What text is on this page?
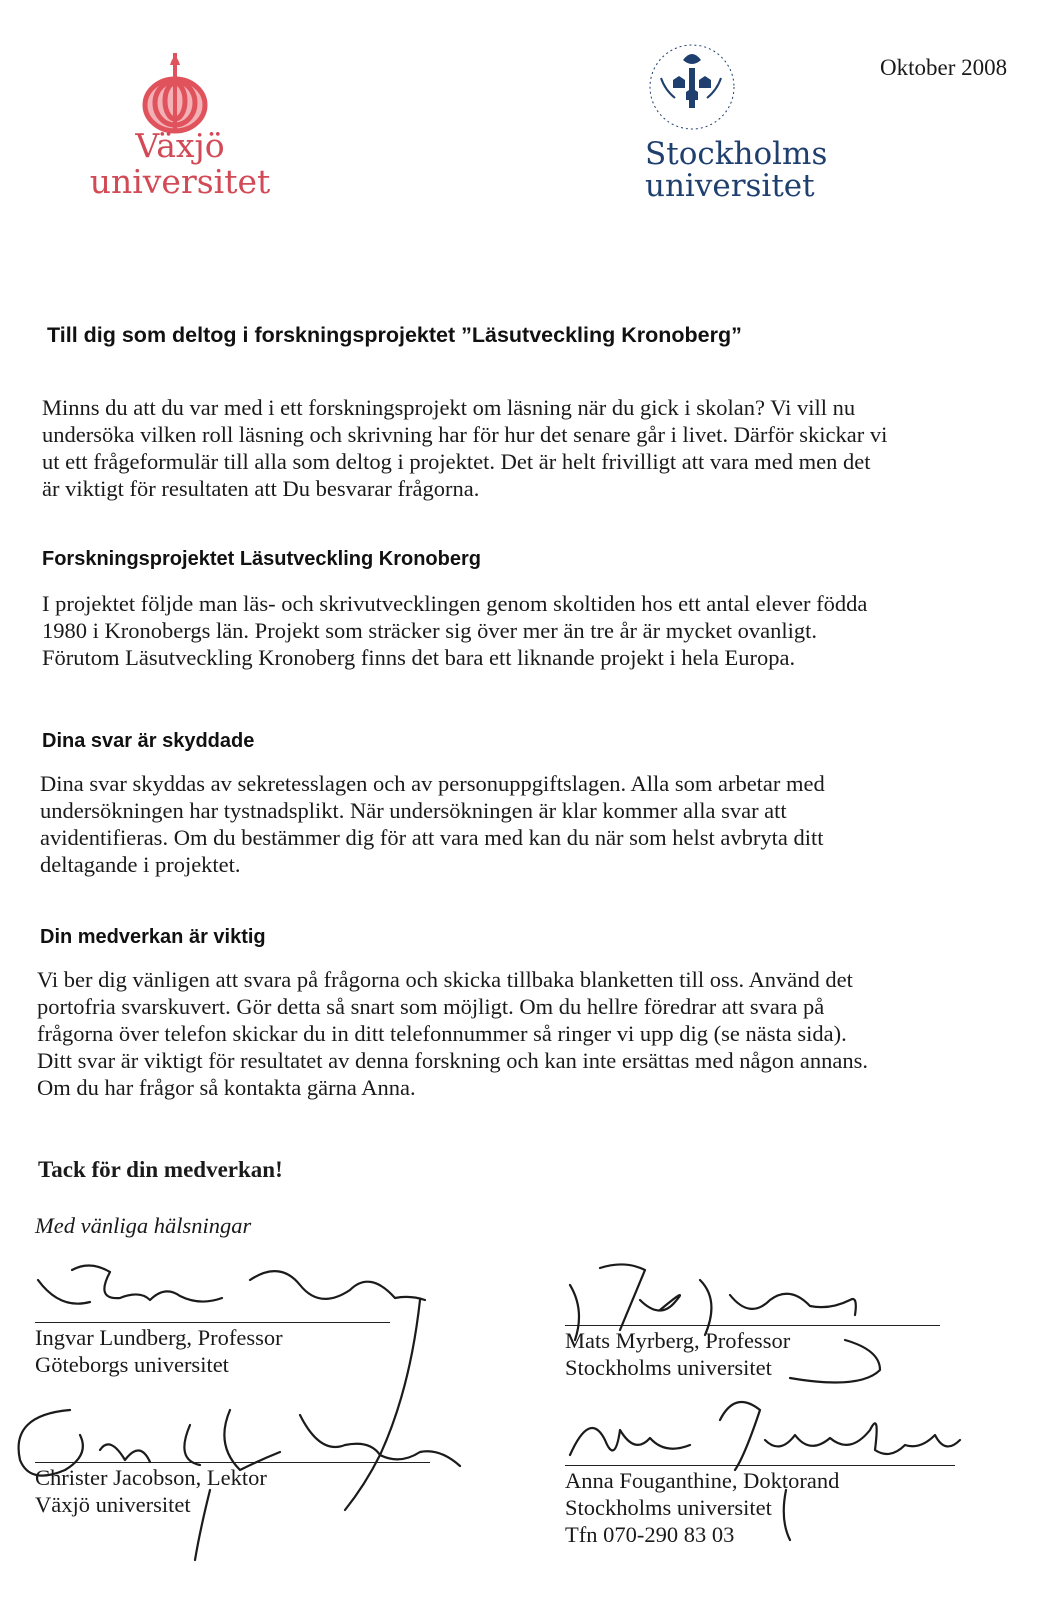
Växjö
universitet
Stockholms
universitet
Oktober 2008
Till dig som deltog i forskningsprojektet ”Läsutveckling Kronoberg”

Minns du att du var med i ett forskningsprojekt om läsning när du gick i skolan? Vi vill nu
undersöka vilken roll läsning och skrivning har för hur det senare går i livet. Därför skickar vi
ut ett frågeformulär till alla som deltog i projektet. Det är helt frivilligt att vara med men det
är viktigt för resultaten att Du besvarar frågorna.

Forskningsprojektet Läsutveckling Kronoberg

I projektet följde man läs- och skrivutvecklingen genom skoltiden hos ett antal elever födda
1980 i Kronobergs län. Projekt som sträcker sig över mer än tre år är mycket ovanligt.
Förutom Läsutveckling Kronoberg finns det bara ett liknande projekt i hela Europa.

Dina svar är skyddade

Dina svar skyddas av sekretesslagen och av personuppgiftslagen. Alla som arbetar med
undersökningen har tystnadsplikt. När undersökningen är klar kommer alla svar att
avidentifieras. Om du bestämmer dig för att vara med kan du när som helst avbryta ditt
deltagande i projektet.

Din medverkan är viktig

Vi ber dig vänligen att svara på frågorna och skicka tillbaka blanketten till oss. Använd det
portofria svarskuvert. Gör detta så snart som möjligt. Om du hellre föredrar att svara på
frågorna över telefon skickar du in ditt telefonnummer så ringer vi upp dig (se nästa sida).
Ditt svar är viktigt för resultatet av denna forskning och kan inte ersättas med någon annans.
Om du har frågor så kontakta gärna Anna.

Tack för din medverkan!
Med vänliga hälsningar
Ingvar Lundberg, Professor
Göteborgs universitet
Mats Myrberg, Professor
Stockholms universitet
Christer Jacobson, Lektor
Växjö universitet
Anna Fouganthine, Doktorand
Stockholms universitet
Tfn 070-290 83 03
